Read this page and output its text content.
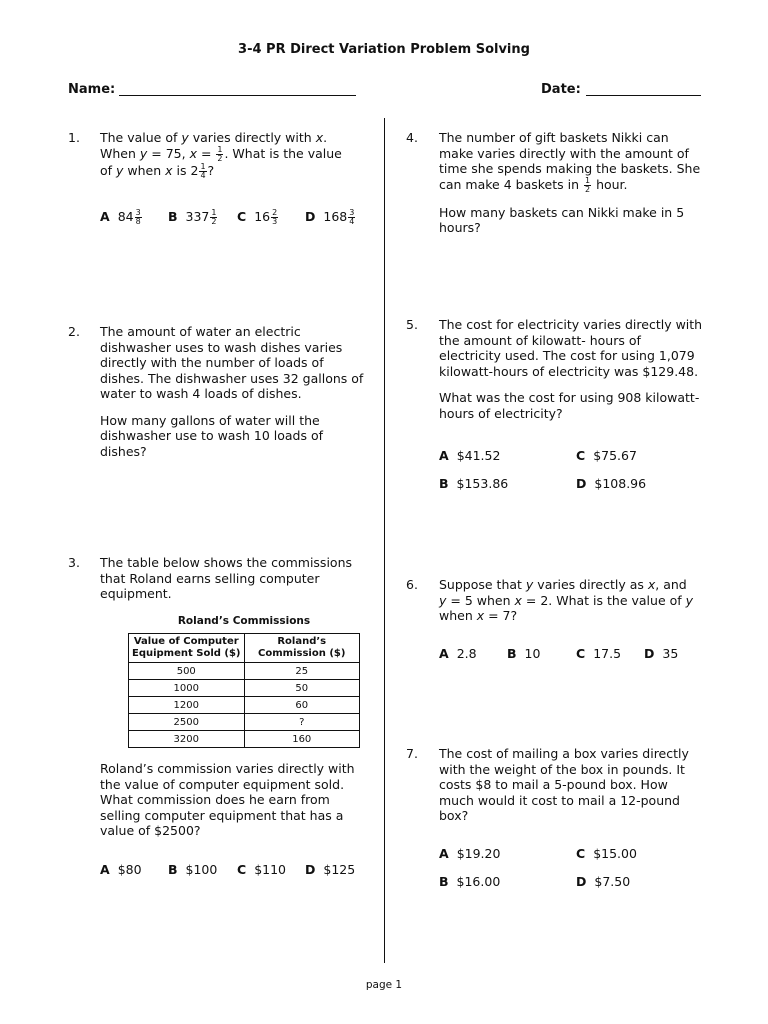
3-4 PR Direct Variation Problem Solving
Name:	Date:
1. The value of y varies directly with x.
When y = 75, $x = \frac{1}{2}$ . What is the value
of y when x is $2 \frac{1}{4}$ ?
A $84 \frac{3}{8}$ B $337 \frac{1}{2}$ C $16 \frac{2}{3}$ D $168 \frac{3}{4}$
2. The amount of water an electric dishwasher uses to wash dishes varies directly with the number of loads of dishes. The dishwasher uses 32 gallons of water to wash 4 loads of dishes.

How many gallons of water will the dishwasher use to wash 10 loads of dishes?

3. The table below shows the commissions that Roland earns selling computer equipment.

Roland’s Commissions
Value of Computer Equipment Sold ($)	Roland’s Commission ($)
500	25
1000	50
1200	60
2500	?
3200	160

Roland’s commission varies directly with the value of computer equipment sold. What commission does he earn from selling computer equipment that has a value of $2500?

A $80 B $100 C $110 D $125
4. The number of gift baskets Nikki can make varies directly with the amount of time she spends making the baskets. She can make 4 baskets in $\frac{1}{2}$ hour.

How many baskets can Nikki make in 5 hours?

5. The cost for electricity varies directly with the amount of kilowatt- hours of electricity used. The cost for using 1,079 kilowatt-hours of electricity was $129.48.

What was the cost for using 908 kilowatt-hours of electricity?

A $41.52	C $75.67
B $153.86	D $108.96
6. Suppose that y varies directly as x, and
y = 5 when x = 2. What is the value of y
when x = 7?
A 2.8 B 10	C 17.5 D 35
7. The cost of mailing a box varies directly with the weight of the box in pounds. It costs $8 to mail a 5-pound box. How much would it cost to mail a 12-pound box?

A $19.20	C $15.00
B $16.00	D $7.50
page 1
